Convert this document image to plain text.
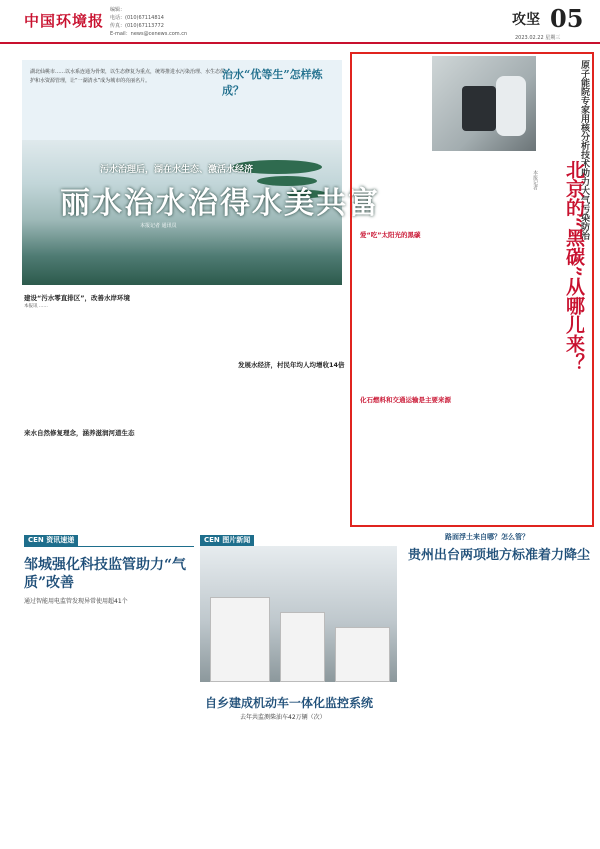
中国环境报
编辑：
电话：(010)67114814
传真：(010)67113772
E-mail：news@cenews.com.cn
攻坚 05
2023.02.22 星期三
湖北仙桃市……以水系连通为骨架，以生态修复为重点，统筹推进水污染治理、水生态保护和水资源管理，让“一湖清水”成为城市的亮丽名片。	治水“优等生”怎样炼成？
污水治理后，湖在水生态、激活水经济
丽水治水治得水美共富
本报记者 通讯员
建设“污水零直排区”，改善水岸环境
本报讯 ……
来水自然修复理念，涵养滋润河道生态
发展水经济，村民年均人均增收14倍
原子能院专家用核分析技术助力大气污染防治
北京的“黑碳”从哪儿来？
本报记者
爱“吃”太阳光的黑碳
化石燃料和交通运输是主要来源
CEN 资讯速递
邹城强化科技监管助力“气质”改善
通过智能用电监管发现异常使用超41个
CEN 图片新闻
自乡建成机动车一体化监控系统
去年共监测柴油车42万辆（次）
路面浮土来自哪？怎么管？
贵州出台两项地方标准着力降尘
